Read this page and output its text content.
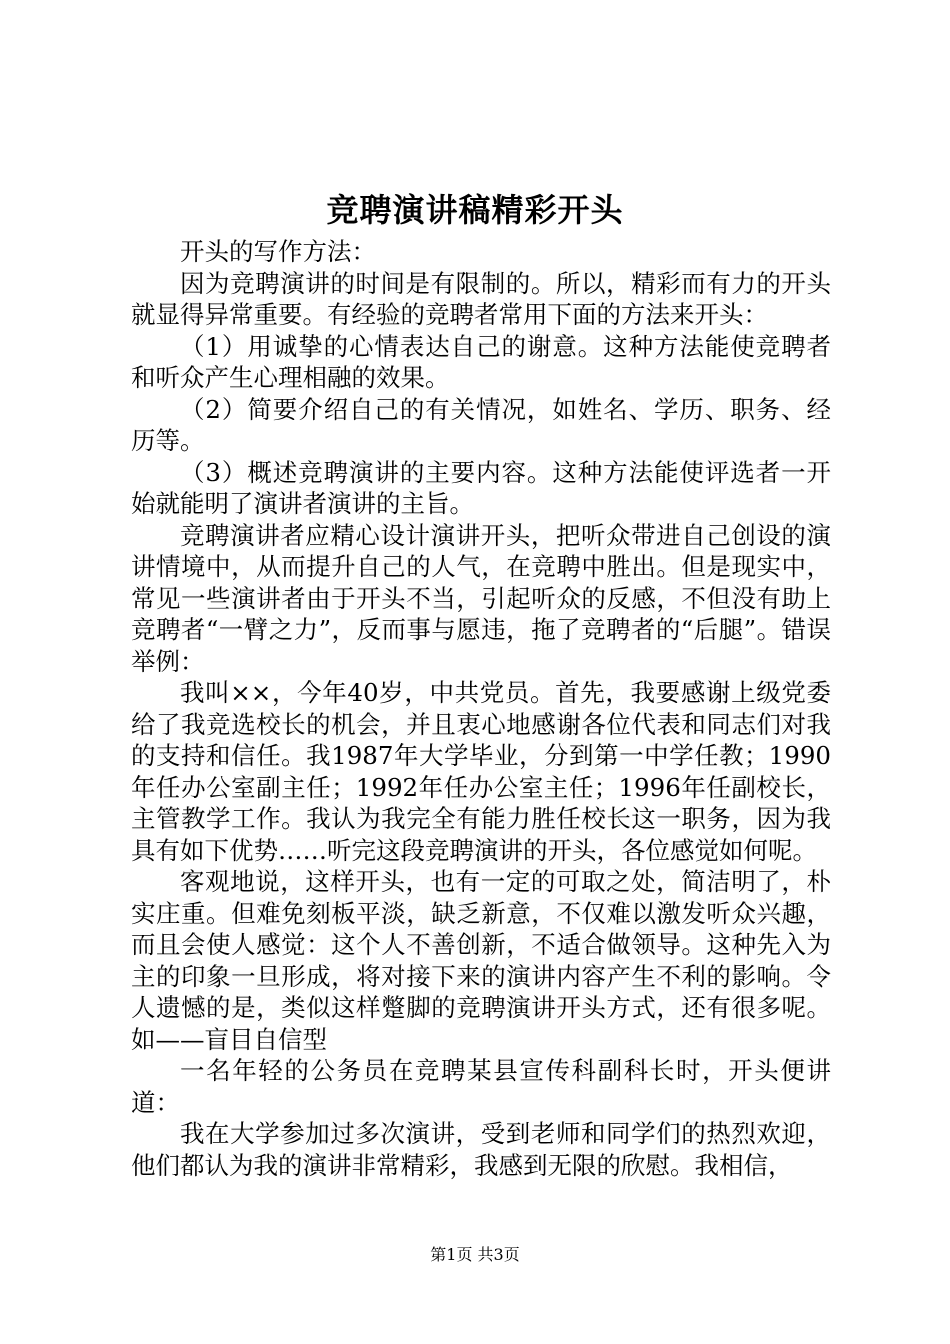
竞聘演讲稿精彩开头

开头的写作方法：

因为竞聘演讲的时间是有限制的。所以，精彩而有力的开头就显得异常重要。有经验的竞聘者常用下面的方法来开头：

（1）用诚挚的心情表达自己的谢意。这种方法能使竞聘者和听众产生心理相融的效果。

（2）简要介绍自己的有关情况，如姓名、学历、职务、经历等。

（3）概述竞聘演讲的主要内容。这种方法能使评选者一开始就能明了演讲者演讲的主旨。

竞聘演讲者应精心设计演讲开头，把听众带进自己创设的演讲情境中，从而提升自己的人气，在竞聘中胜出。但是现实中，常见一些演讲者由于开头不当，引起听众的反感，不但没有助上竞聘者“一臂之力”，反而事与愿违，拖了竞聘者的“后腿”。错误举例：

我叫××，今年40岁，中共党员。首先，我要感谢上级党委给了我竞选校长的机会，并且衷心地感谢各位代表和同志们对我的支持和信任。我1987年大学毕业，分到第一中学任教；1990年任办公室副主任；1992年任办公室主任；1996年任副校长，主管教学工作。我认为我完全有能力胜任校长这一职务，因为我具有如下优势……听完这段竞聘演讲的开头，各位感觉如何呢。

客观地说，这样开头，也有一定的可取之处，简洁明了，朴实庄重。但难免刻板平淡，缺乏新意，不仅难以激发听众兴趣，而且会使人感觉：这个人不善创新，不适合做领导。这种先入为主的印象一旦形成，将对接下来的演讲内容产生不利的影响。令人遗憾的是，类似这样蹩脚的竞聘演讲开头方式，还有很多呢。如——盲目自信型

一名年轻的公务员在竞聘某县宣传科副科长时，开头便讲道：

我在大学参加过多次演讲，受到老师和同学们的热烈欢迎，他们都认为我的演讲非常精彩，我感到无限的欣慰。我相信，

第1页 共3页
